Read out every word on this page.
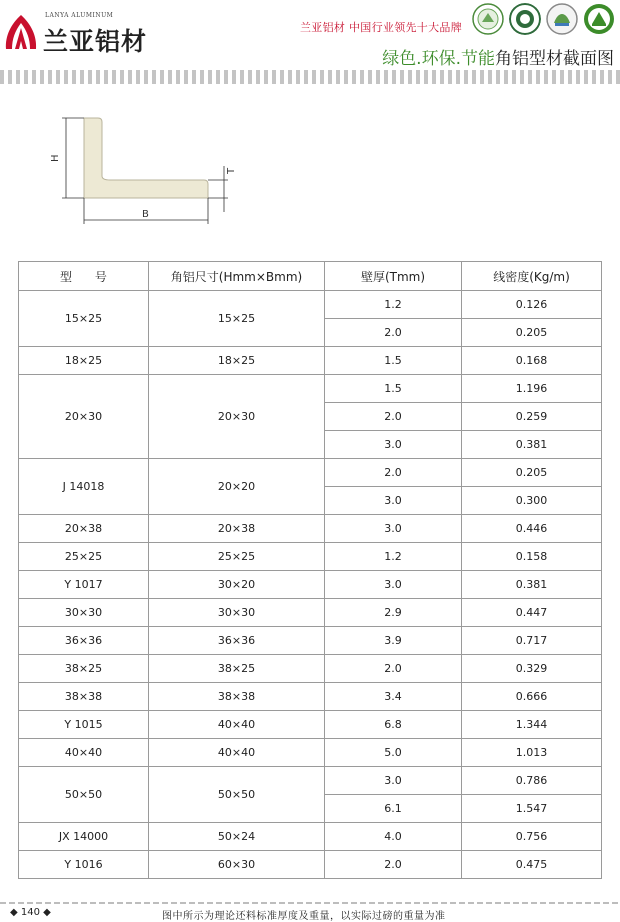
LANYA ALUMINUM
兰亚铝材	兰亚铝材 中国行业领先十大品牌
绿色.环保.节能角铝型材截面图
H
B
T
型      号	角铝尺寸(Hmm×Bmm)	壁厚(Tmm)	线密度(Kg/m)
15×25	15×25	1.2	0.126
		2.0	0.205
18×25	18×25	1.5	0.168
20×30	20×30	1.5	1.196
		2.0	0.259
		3.0	0.381
J 14018	20×20	2.0	0.205
		3.0	0.300
20×38	20×38	3.0	0.446
25×25	25×25	1.2	0.158
Y 1017	30×20	3.0	0.381
30×30	30×30	2.9	0.447
36×36	36×36	3.9	0.717
38×25	38×25	2.0	0.329
38×38	38×38	3.4	0.666
Y 1015	40×40	6.8	1.344
40×40	40×40	5.0	1.013
50×50	50×50	3.0	0.786
		6.1	1.547
JX 14000	50×24	4.0	0.756
Y 1016	60×30	2.0	0.475
◆ 140 ◆	图中所示为理论还料标准厚度及重量，以实际过磅的重量为准
